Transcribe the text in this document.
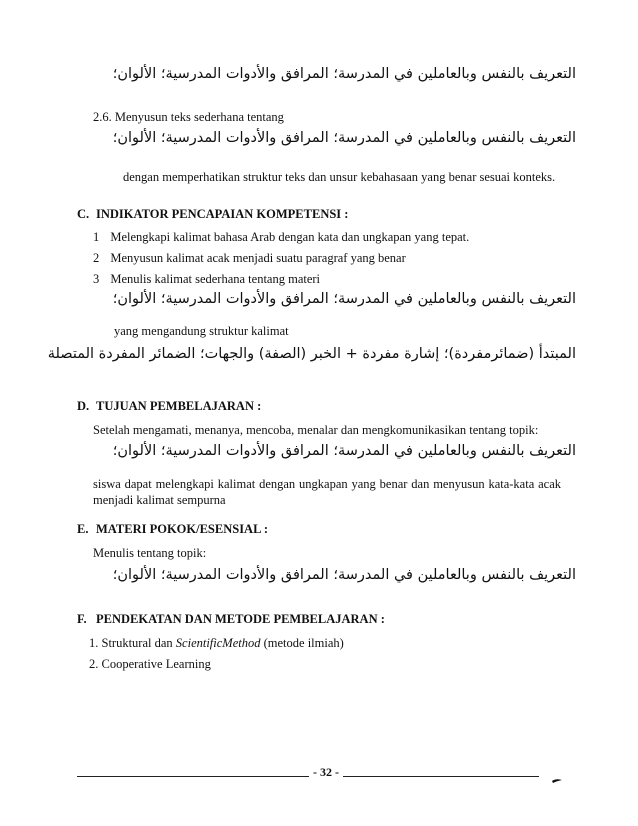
التعريف بالنفس وبالعاملين في المدرسة؛ المرافق والأدوات المدرسية؛ الألوان؛
2.6. Menyusun teks sederhana tentang
التعريف بالنفس وبالعاملين في المدرسة؛ المرافق والأدوات المدرسية؛ الألوان؛
dengan memperhatikan struktur teks dan unsur kebahasaan yang benar sesuai konteks.
C. INDIKATOR PENCAPAIAN KOMPETENSI :
1 Melengkapi kalimat bahasa Arab dengan kata dan ungkapan yang tepat.
2 Menyusun kalimat acak menjadi suatu paragraf yang benar
3 Menulis kalimat sederhana tentang materi
التعريف بالنفس وبالعاملين في المدرسة؛ المرافق والأدوات المدرسية؛ الألوان؛
yang mengandung struktur kalimat
المبتدأ (ضمائرمفردة)؛ إشارة مفردة + الخبر (الصفة) والجهات؛ الضمائر المفردة المتصلة
D. TUJUAN PEMBELAJARAN :
Setelah mengamati, menanya, mencoba, menalar dan mengkomunikasikan tentang topik:
التعريف بالنفس وبالعاملين في المدرسة؛ المرافق والأدوات المدرسية؛ الألوان؛
siswa dapat melengkapi kalimat dengan ungkapan yang benar dan menyusun kata-kata acak menjadi kalimat sempurna
E. MATERI POKOK/ESENSIAL :
Menulis tentang topik:
التعريف بالنفس وبالعاملين في المدرسة؛ المرافق والأدوات المدرسية؛ الألوان؛
F. PENDEKATAN DAN METODE PEMBELAJARAN :
1. Struktural dan ScientificMethod (metode ilmiah)
2. Cooperative Learning
- 32 -
